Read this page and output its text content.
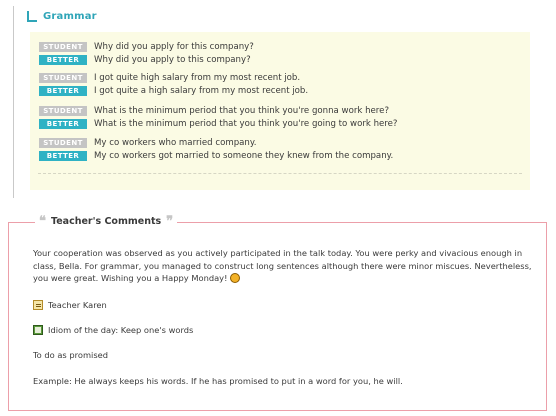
Grammar
STUDENT	Why did you apply for this company?
BETTER	Why did you apply to this company?
STUDENT	I got quite high salary from my most recent job.
BETTER	I got quite a high salary from my most recent job.
STUDENT	What is the minimum period that you think you're gonna work here?
BETTER	What is the minimum period that you think you're going to work here?
STUDENT	My co workers who married company.
BETTER	My co workers got married to someone they knew from the company.
❝ Teacher's Comments ❞

Your cooperation was observed as you actively participated in the talk today. You were perky and vivacious enough in class, Bella. For grammar, you managed to construct long sentences although there were minor miscues. Nevertheless, you were great. Wishing you a Happy Monday!

Teacher Karen
Idiom of the day: Keep one's words
To do as promised
Example: He always keeps his words. If he has promised to put in a word for you, he will.
